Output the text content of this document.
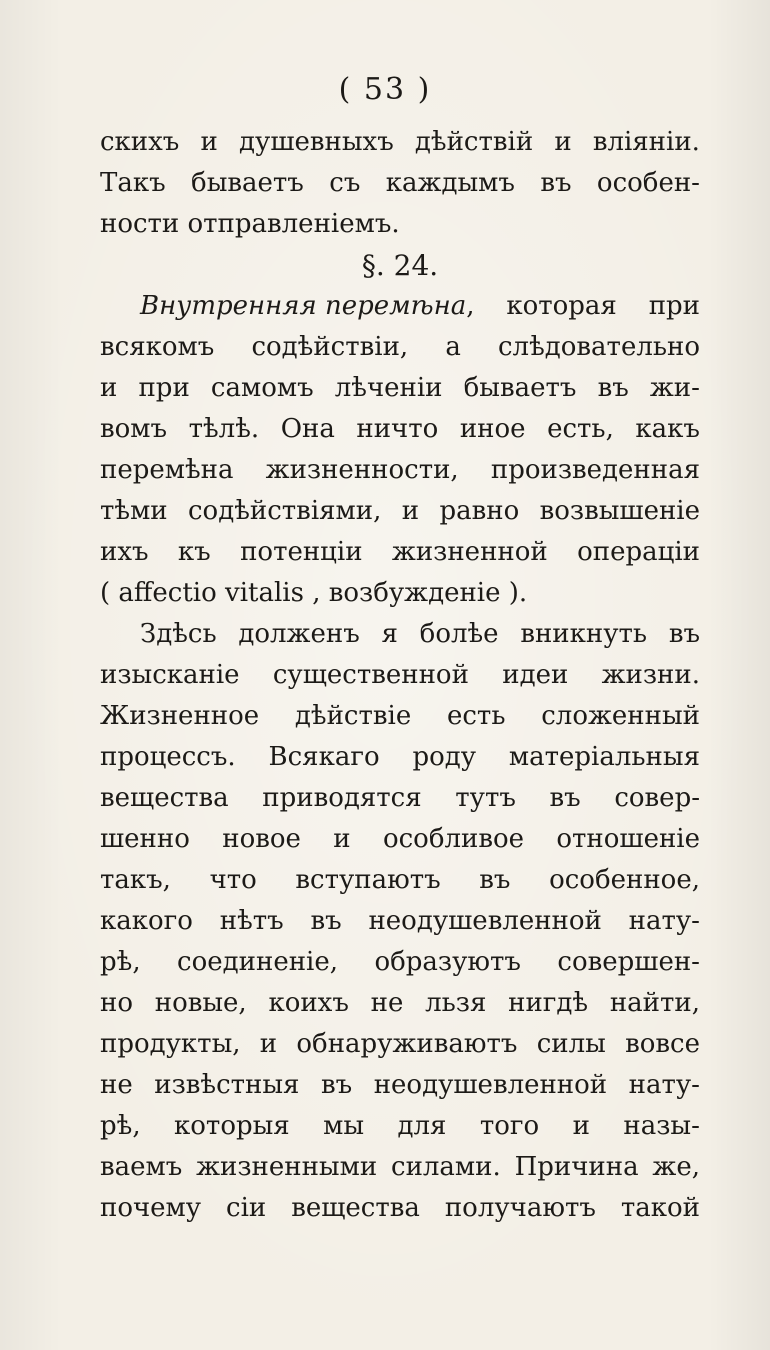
( 53 )
скихъ и душевныхъ дѣйствій и вліяніи.
Такъ бываетъ съ каждымъ въ особен-
ности отправленіемъ.
§. 24.
Внутренняя перемѣна, которая при
всякомъ содѣйствіи, а слѣдовательно
и при самомъ лѣченіи бываетъ въ жи-
вомъ тѣлѣ. Она ничто иное есть, какъ
перемѣна жизненности, произведенная
тѣми содѣйствіями, и равно возвышеніе
ихъ къ потенціи жизненной операціи
( affectio vitalis , возбужденіе ).
Здѣсь долженъ я болѣе вникнуть въ
изысканіе существенной идеи жизни.
Жизненное дѣйствіе есть сложенный
процессъ. Всякаго роду матеріальныя
вещества приводятся тутъ въ совер-
шенно новое и особливое отношеніе
такъ, что вступаютъ въ особенное,
какого нѣтъ въ неодушевленной нату-
рѣ, соединеніе, образуютъ совершен-
но новые, коихъ не льзя нигдѣ найти,
продукты, и обнаруживаютъ силы вовсе
не извѣстныя въ неодушевленной нату-
рѣ, которыя мы для того и назы-
ваемъ жизненными силами. Причина же,
почему сіи вещества получаютъ такой
